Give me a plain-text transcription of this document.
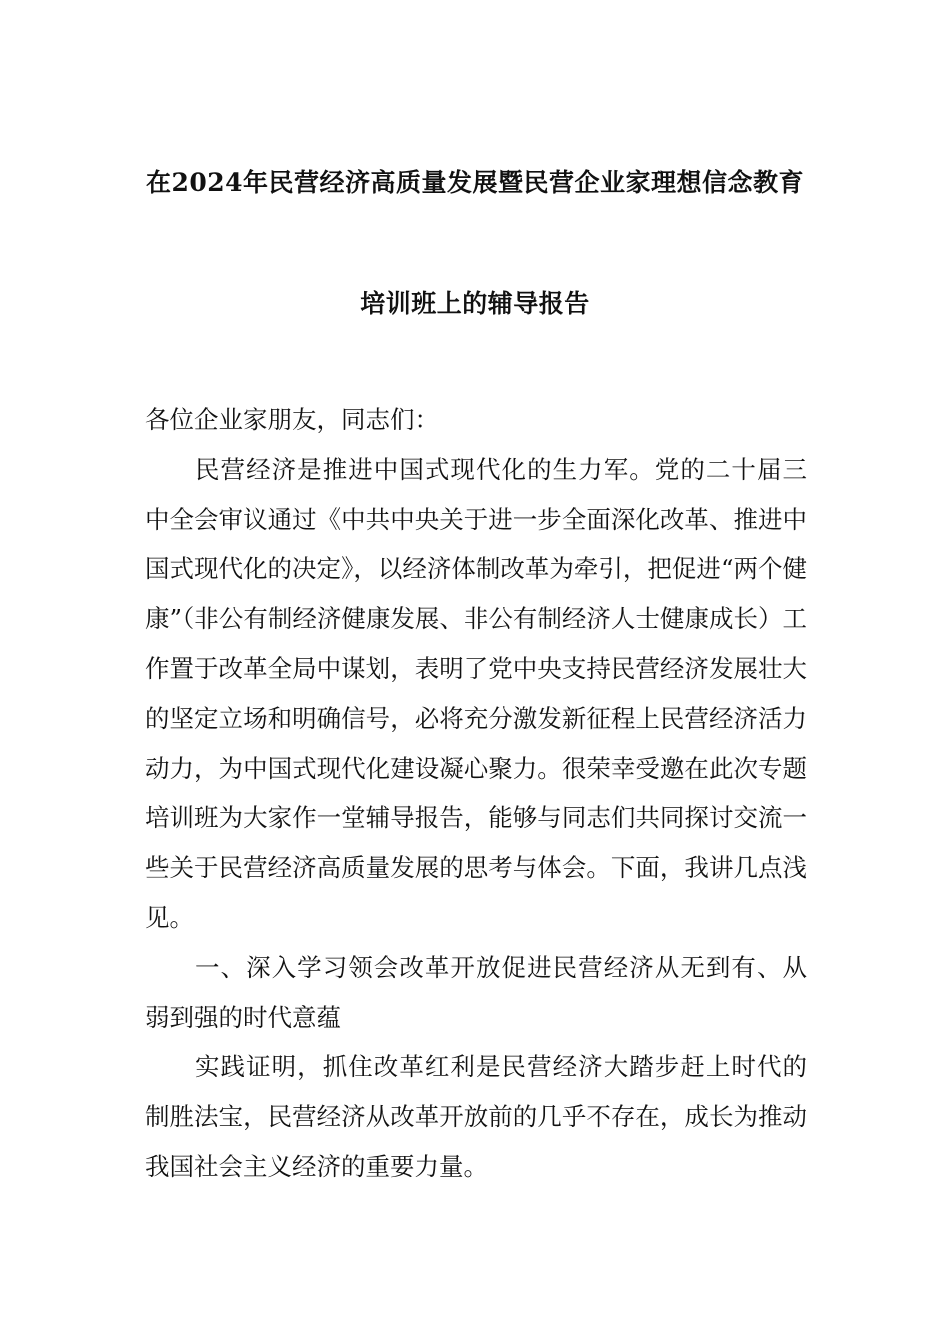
在2024年民营经济高质量发展暨民营企业家理想信念教育
培训班上的辅导报告

各位企业家朋友，同志们：

民营经济是推进中国式现代化的生力军。党的二十届三中全会审议通过《中共中央关于进一步全面深化改革、推进中国式现代化的决定》，以经济体制改革为牵引，把促进“两个健康”（非公有制经济健康发展、非公有制经济人士健康成长）工作置于改革全局中谋划，表明了党中央支持民营经济发展壮大的坚定立场和明确信号，必将充分激发新征程上民营经济活力动力，为中国式现代化建设凝心聚力。很荣幸受邀在此次专题培训班为大家作一堂辅导报告，能够与同志们共同探讨交流一些关于民营经济高质量发展的思考与体会。下面，我讲几点浅见。

一、深入学习领会改革开放促进民营经济从无到有、从弱到强的时代意蕴

实践证明，抓住改革红利是民营经济大踏步赶上时代的制胜法宝，民营经济从改革开放前的几乎不存在，成长为推动我国社会主义经济的重要力量。
